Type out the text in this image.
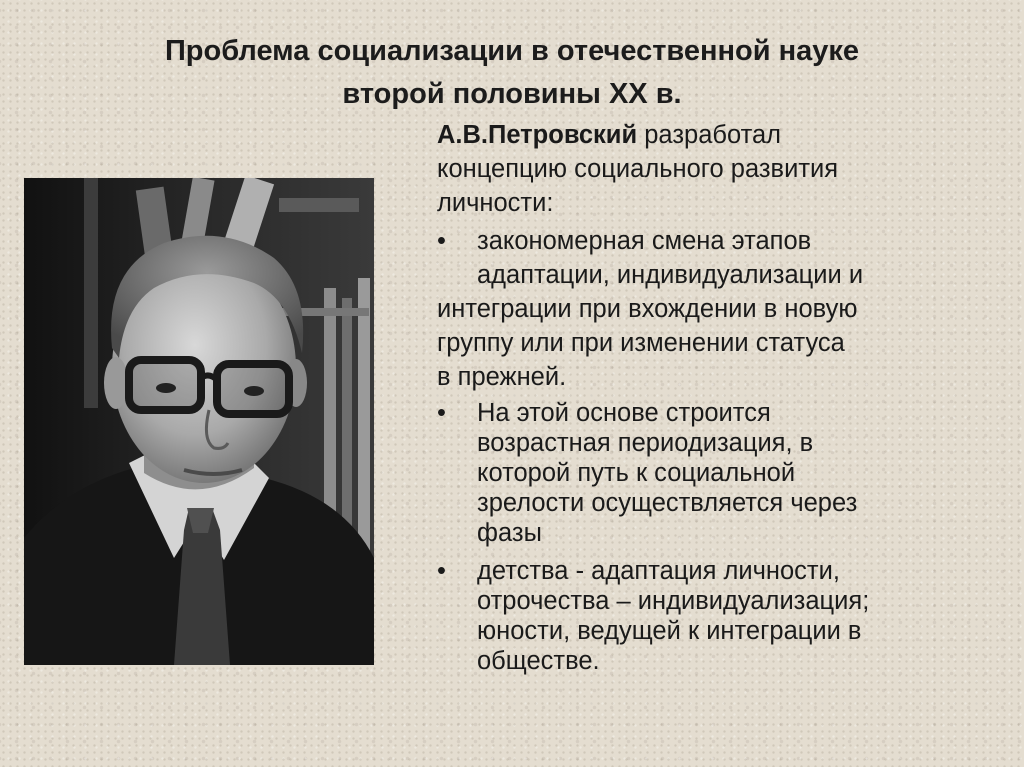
Проблема социализации в отечественной науке
второй половины XX в.

А.В.Петровский разработал
концепцию социального развития
личности:

•	закономерная смена этапов
адаптации, индивидуализации и

интеграции при вхождении в новую
группу или при изменении статуса
в прежней.
•	На этой основе строится
возрастная периодизация, в
которой путь к социальной
зрелости осуществляется через
фазы
•	детства - адаптация личности,
отрочества – индивидуализация;
юности, ведущей к интеграции в
обществе.
